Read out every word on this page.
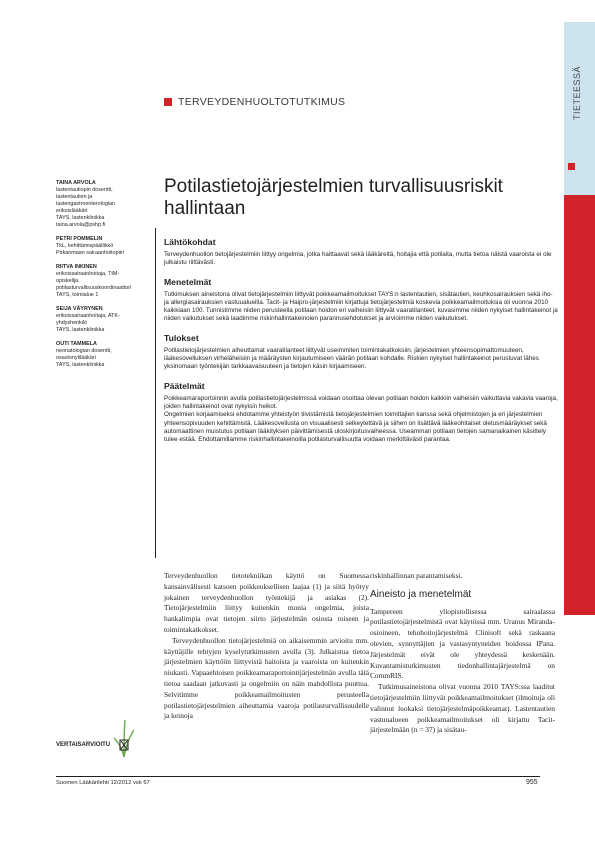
TIETEESSÄ
TERVEYDENHUOLTOTUTKIMUS
TAINA ARVOLA
lastentautiopin dosentti,
lastentautien ja
lastengastroenterologian
erikoislääkäri
TAYS, lastenklinikka
taina.arvola@pshp.fi
PETRI POMMELIN
TkL, kehittämispäällikkö
Pirkanmaan sairaanhoitopiiri
RIITVA INKINEN
erikoissairaanhoitaja, TtM-
opiskelija,
potilasturvallisuuskoordinaattori
TAYS, toimialue 1
SEIJA VÄYRYNEN
erikoissairaanhoitaja, ATK-
yhdyshenkilö
TAYS, lastenklinikka
OUTI TAMMELA
neonatologian dosentti,
osastonylilääkäri
TAYS, lastenklinikka
Potilastietojärjestelmien turvallisuusriskit hallintaan
Lähtökohdat

Terveydenhuollon tietojärjestelmiin liittyy ongelmia, jotka haittaavat sekä lääkäreitä, hoitajia että potilaita, mutta tietoa näistä vaaroista ei ole julkaistu riittävästi.

Menetelmät

Tutkimuksen aineistona olivat tietojärjestelmiin liittyvät poikkeamailmoitukset TAYS:n lastentautien, sisätautien, keuhkosairauksien sekä iho- ja allergiasairauksien vastuualueilla. Tacit- ja Haipro-järjestelmiin kirjattuja tietojärjestelmiä koskevia poikkeamailmoituksia oli vuonna 2010 kaikkiaan 100. Tunnistimme niiden perusteella potilaan hoidon eri vaiheisiin liittyvät vaaratilanteet, kuvasimme niiden nykyiset hallintakeinot ja niiden vaikutukset sekä laadimme riskinhallintakeinoien parannusehdotukset ja arvioimme niiden vaikutukset.

Tulokset

Potilastietojärjestelmien aiheuttamat vaaratilanteet liittyvät useimmiten toimintakatkoksiin, järjestelmien yhteensopimattomuuteen, lääkesovelluksen virheläheisiin ja määräysten kirjautumiseen väärän potilaan kohdalle. Riskien nykyiset hallintakeinot perustuvat lähes yksinomaan työntekijän tarkkaavaisuuteen ja tietojen käsin kirjaamiseen.

Päätelmät

Poikkeamaraportoinnin avulla potilastietojärjestelmissä voidaan osoittaa olevan potilaan hoidon kaikkiin vaiheisiin vaikuttavia vakavia vaaroja, joiden hallintakeinot ovat nykyisin heikot.

Ongelmien korjaamiseksi ehdotamme yhteistyön tiivistämistä tietojärjestelmien toimittajien kanssa sekä ohjelmistojen ja eri järjestelmien yhteensopivuuden kehittämistä. Lääkesovellusta on visuaalisesti selkeytettävä ja siihen on lisättävä lääkeohitaiset oletusmääräykset sekä automaattinen muistutus potilaan lääkityksen päivittämisestä uloskirjoitusvaiheessa. Useamman potilaan tietojen samanaikainen käsittely tulee estää. Ehdottamillamme riskinhallintakeinoilla potilasturvallisuutta voidaan merkittävästi parantaa.

Terveydenhuollon tietotekniikan käyttö on Suomessa kansainvälisesti katsoen poikkeuksellisen laajaa (1) ja siitä hyötyy jokainen terveydenhuollon työntekijä ja asiakas (2). Tietojärjestelmiin liittyy kuitenkin monia ongelmia, joista hankalimpia ovat tietojen siirto järjestelmän osiosta toiseen ja toimintakatkokset.

Terveydenhuollon tietojärjestelmiä on aikaisemmin arvioitu mm. käyttäjille tehtyjen kyselytutkimusten avulla (3). Julkaistua tietoa järjestelmien käyttöön liittyvistä haitoista ja vaaroista on kuitenkin niukasti. Vapaaehtoisen poikkeamaraportointijärjestelmän avulla tätä tietoa saadaan jatkuvasti ja ongelmiin on näin mahdollista puuttua. Selvitimme poikkeamailmoitusten perusteella potilastietojärjestelmien aiheuttamia vaaroja potilasturvallisuudelle ja keinoja

riskinhallinnan parantamiseksi.

Aineisto ja menetelmät

Tampereen yliopistollisessa sairaalassa potilastietojärjestelmistä ovat käytössä mm. Uranus Miranda-osioineen, tehohoitojärjestelmä Clinisoft sekä raskaana olevien, synnyttäjien ja vastasyntyneiden hoidossa IPana. Järjestelmät eivät ole yhteydessä keskenään. Kuvantamistutkimusten tiedonhallintajärjestelmä on CommRIS.

Tutkimusaineistona olivat vuonna 2010 TAYS:ssa laaditut tietojärjestelmiin liittyvät poikkeamailmoitukset (ilmoituja oli valinnut luokaksi tietojärjestelmäpoikkeamat). Lastentautien vastuualueen poikkeamailmoitukset oli kirjattu Tacit-järjestelmään (n = 37) ja sisätau-

VERTAISARVIOITU
Suomen Lääkärilehti 12/2012 vsk 67	955
